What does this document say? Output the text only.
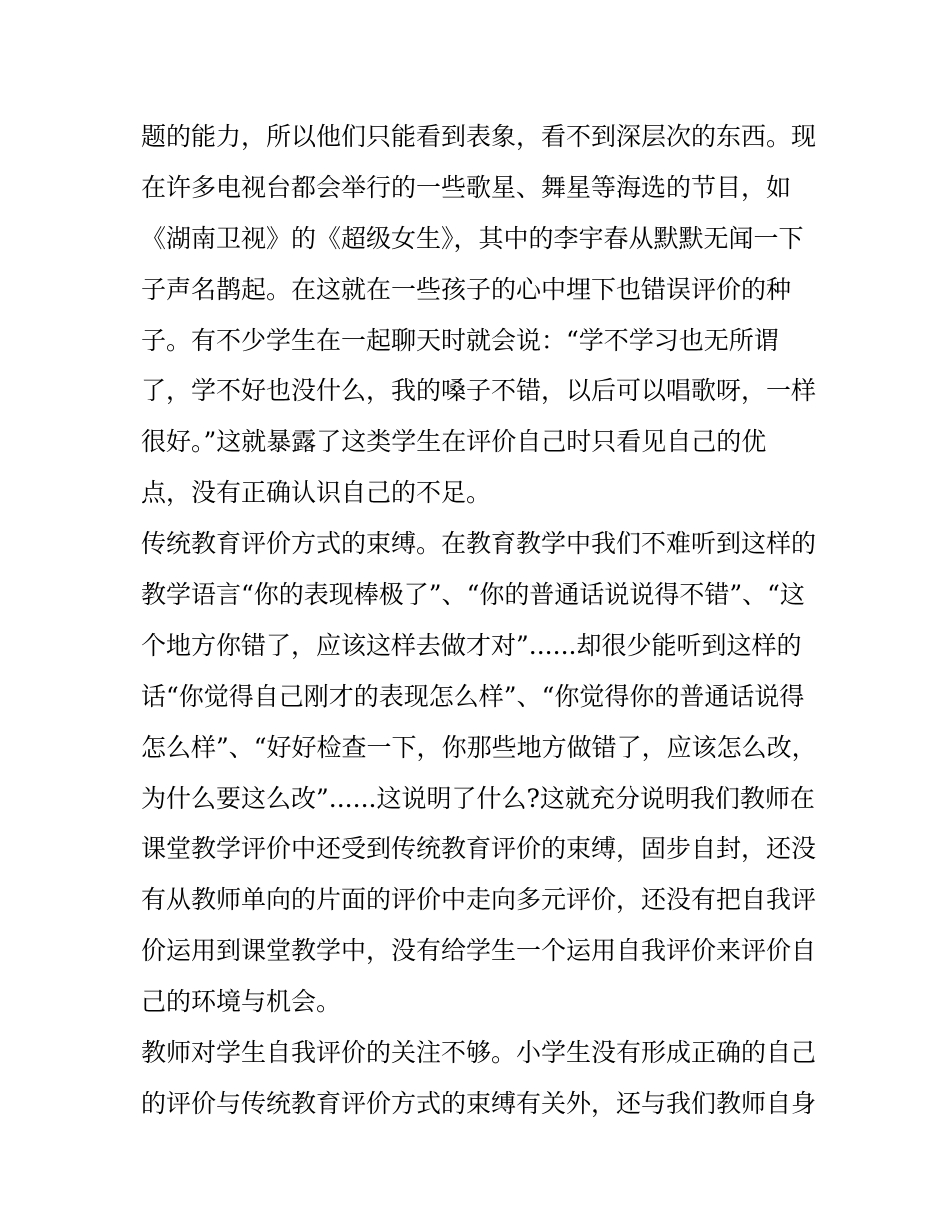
题的能力，所以他们只能看到表象，看不到深层次的东西。现
在许多电视台都会举行的一些歌星、舞星等海选的节目，如
《湖南卫视》的《超级女生》，其中的李宇春从默默无闻一下
子声名鹊起。在这就在一些孩子的心中埋下也错误评价的种
子。有不少学生在一起聊天时就会说：“学不学习也无所谓
了，学不好也没什么，我的嗓子不错，以后可以唱歌呀，一样
很好。”这就暴露了这类学生在评价自己时只看见自己的优
点，没有正确认识自己的不足。
传统教育评价方式的束缚。在教育教学中我们不难听到这样的
教学语言“你的表现棒极了”、“你的普通话说说得不错”、“这
个地方你错了，应该这样去做才对”......却很少能听到这样的
话“你觉得自己刚才的表现怎么样”、“你觉得你的普通话说得
怎么样”、“好好检查一下，你那些地方做错了，应该怎么改，
为什么要这么改”......这说明了什么?这就充分说明我们教师在
课堂教学评价中还受到传统教育评价的束缚，固步自封，还没
有从教师单向的片面的评价中走向多元评价，还没有把自我评
价运用到课堂教学中，没有给学生一个运用自我评价来评价自
己的环境与机会。
教师对学生自我评价的关注不够。小学生没有形成正确的自己
的评价与传统教育评价方式的束缚有关外，还与我们教师自身
